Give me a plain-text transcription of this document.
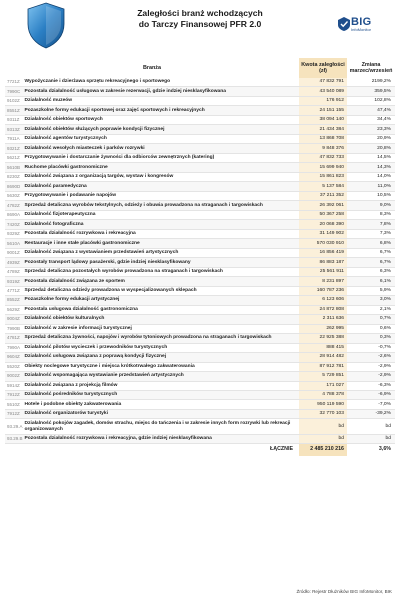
Zaległości branż wchodzących
do Tarczy Finansowej PFR 2.0	BIG
InfoMonitor
Branża		Kwota zaległości (zł)	Zmiana marzec/wrzesień
7721Z	Wypożyczanie i dzierżawa sprzętu rekreacyjnego i sportowego	47 832 791	2199,2%
7990C	Pozostała działalność usługowa w zakresie rezerwacji, gdzie indziej niesklasyfikowana	43 540 089	359,5%
9102Z	Działalność muzeów	176 912	102,8%
8551Z	Pozaszkolne formy edukacji sportowej oraz zajęć sportowych i rekreacyjnych	24 151 155	47,4%
9311Z	Działalność obiektów sportowych	38 094 140	34,4%
9313Z	Działalność obiektów służących poprawie kondycji fizycznej	21 434 384	23,3%
7911A	Działalność agentów turystycznych	13 868 708	20,9%
9321Z	Działalność wesołych miasteczek i parków rozrywki	9 848 376	20,8%
5621Z	Przygotowywanie i dostarczanie żywności dla odbiorców zewnętrznych (katering)	47 832 733	14,5%
5610B	Ruchome placówki gastronomiczne	15 699 940	14,3%
8230Z	Działalność związana z organizacją targów, wystaw i kongresów	15 861 823	14,0%
8690D	Działalność paramedyczna	5 137 584	11,0%
5630Z	Przygotowywanie i podawanie napojów	37 211 352	10,5%
4782Z	Sprzedaż detaliczna wyrobów tekstylnych, odzieży i obuwia prowadzona na straganach i targowiskach	26 392 061	9,0%
8690A	Działalność fizjoterapeutyczna	50 367 258	8,3%
7420Z	Działalność fotograficzna	20 068 390	7,8%
9329Z	Pozostała działalność rozrywkowa i rekreacyjna	31 149 902	7,3%
5610A	Restauracje i inne stałe placówki gastronomiczne	570 030 910	6,8%
9001Z	Działalność związana z wystawianiem przedstawień artystycznych	16 856 419	6,7%
4939Z	Pozostały transport lądowy pasażerski, gdzie indziej niesklasyfikowany	86 883 187	6,7%
4789Z	Sprzedaż detaliczna pozostałych wyrobów prowadzona na straganach i targowiskach	25 561 911	6,3%
9319Z	Pozostała działalność związana ze sportem	8 231 897	6,1%
4771Z	Sprzedaż detaliczna odzieży prowadzona w wyspecjalizowanych sklepach	160 787 236	5,9%
8552Z	Pozaszkolne formy edukacji artystycznej	6 123 606	3,0%
5629Z	Pozostała usługowa działalność gastronomiczna	24 872 808	2,1%
9004Z	Działalność obiektów kulturalnych	2 311 636	0,7%
7990B	Działalność w zakresie informacji turystycznej	262 995	0,6%
4781Z	Sprzedaż detaliczna żywności, napojów i wyrobów tytoniowych prowadzona na straganach i targowiskach	22 925 388	0,3%
7990A	Działalność pilotów wycieczek i przewodników turystycznych	888 415	-0,7%
9604Z	Działalność usługowa związana z poprawą kondycji fizycznej	28 914 482	-2,6%
5520Z	Obiekty noclegowe turystyczne i miejsca krótkotrwałego zakwaterowania	87 912 781	-2,9%
9002Z	Działalność wspomagająca wystawianie przedstawień artystycznych	5 729 851	-2,9%
5914Z	Działalność związana z projekcją filmów	171 027	-6,3%
7912Z	Działalność pośredników turystycznych	4 788 378	-6,9%
5510Z	Hotele i podobne obiekty zakwaterowania	950 119 590	-7,0%
7912Z	Działalność organizatorów turystyki	32 770 103	-39,2%
93.29.A	Działalność pokojów zagadek, domów strachu, miejsc do tańczenia i w zakresie innych form rozrywki lub rekreacji organizowanych	bd	bd
93.29.B	Pozostała działalność rozrywkowa i rekreacyjna, gdzie indziej niesklasyfikowana	bd	bd
ŁĄCZNIE		2 485 210 216	3,6%
Źródło: Rejestr Dłużników BIG InfoMonitor, BIK
